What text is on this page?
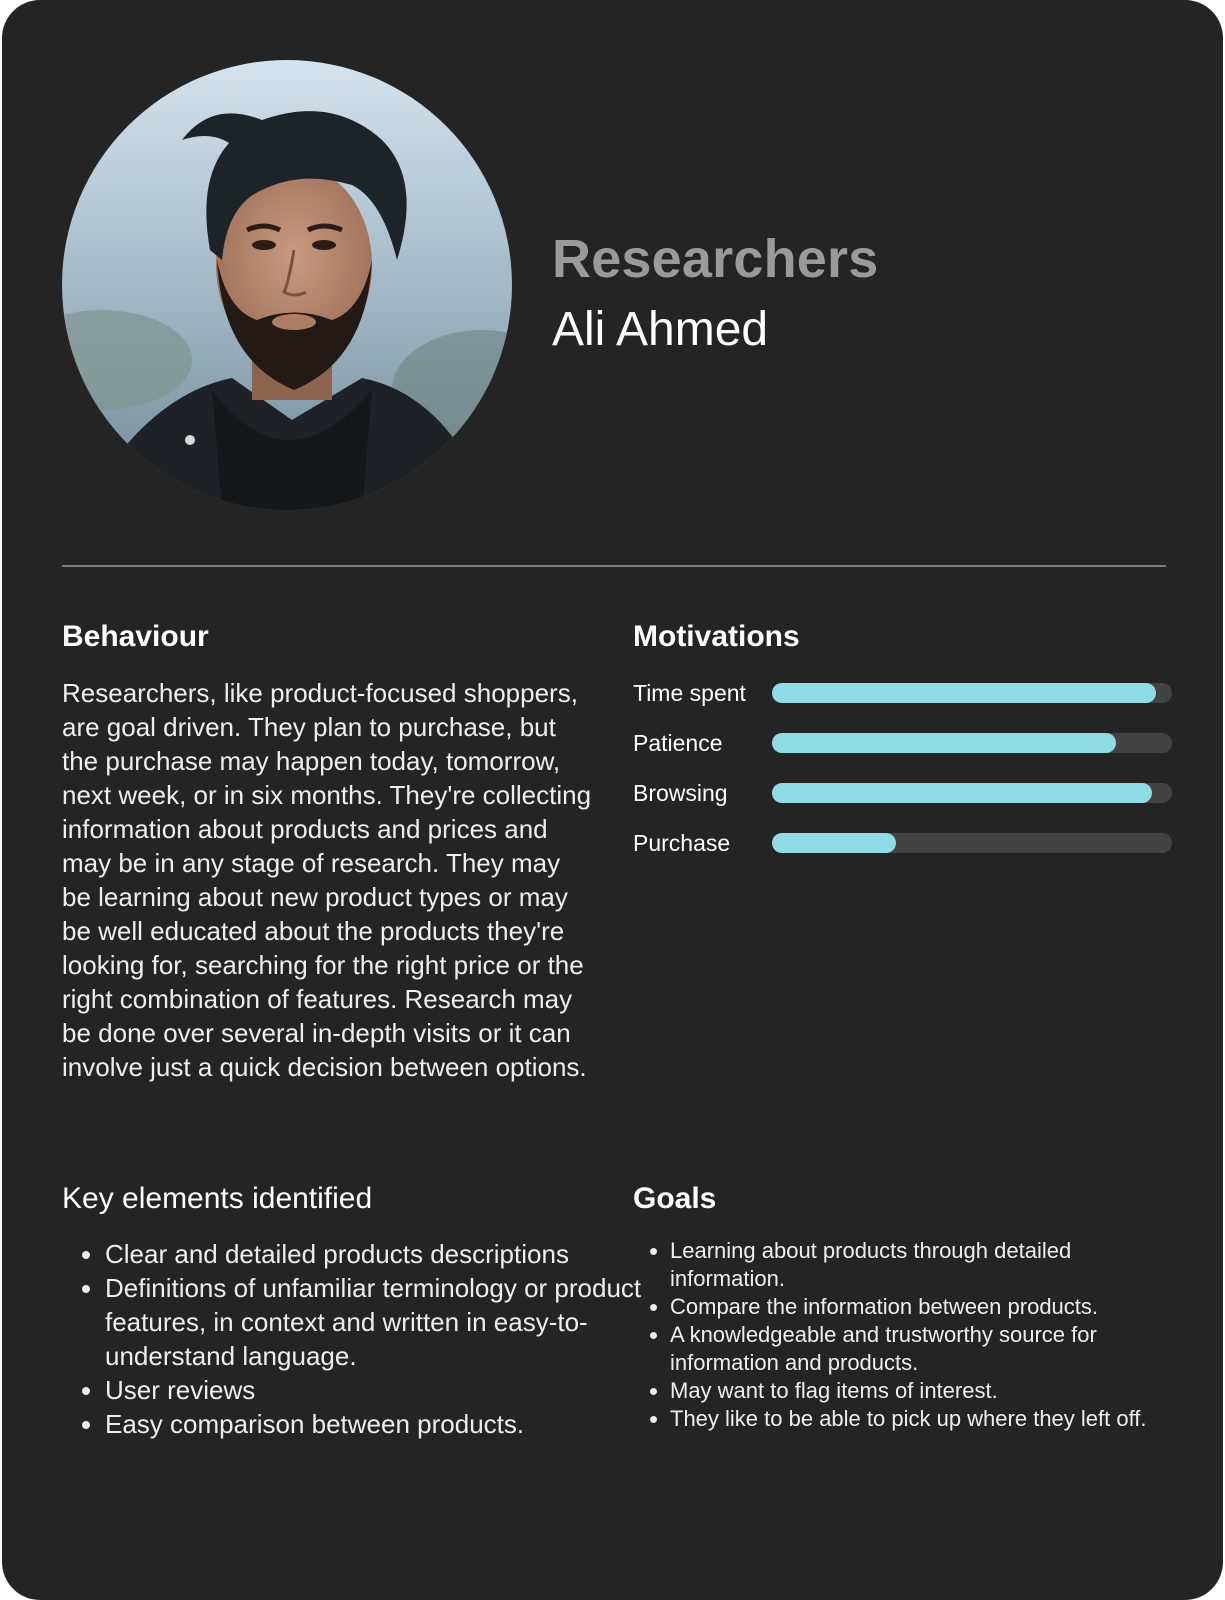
Researchers
Ali Ahmed
Behaviour
Researchers, like product-focused shoppers, are goal driven. They plan to purchase, but the purchase may happen today, tomorrow, next week, or in six months. They're collecting information about products and prices and may be in any stage of research. They may be learning about new product types or may be well educated about the products they're looking for, searching for the right price or the right combination of features. Research may be done over several in-depth visits or it can involve just a quick decision between options.
Motivations
Time spent
Patience
Browsing
Purchase
Key elements identified
• Clear and detailed products descriptions
• Definitions of unfamiliar terminology or product features, in context and written in easy-to-understand language.
• User reviews
• Easy comparison between products.
Goals
• Learning about products through detailed information.
• Compare the information between products.
• A knowledgeable and trustworthy source for information and products.
• May want to flag items of interest.
• They like to be able to pick up where they left off.
